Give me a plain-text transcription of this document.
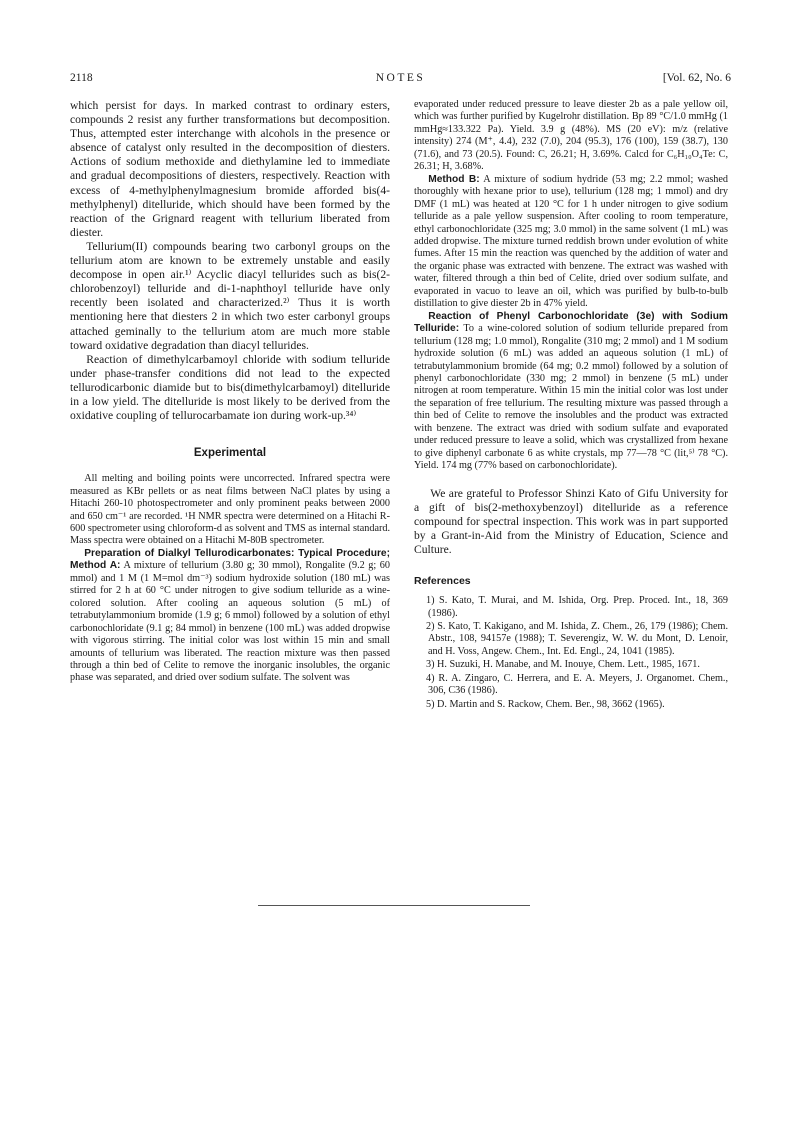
2118	NOTES	[Vol. 62, No. 6

which persist for days. In marked contrast to ordinary esters, compounds 2 resist any further transformations but decomposition. Thus, attempted ester interchange with alcohols in the presence or absence of catalyst only resulted in the decomposition of diesters. Actions of sodium methoxide and diethylamine led to immediate and gradual decompositions of diesters, respectively. Reaction with excess of 4-methylphenylmagnesium bromide afforded bis(4-methylphenyl) ditelluride, which should have been formed by the reaction of the Grignard reagent with tellurium liberated from diester.

Tellurium(II) compounds bearing two carbonyl groups on the tellurium atom are known to be extremely unstable and easily decompose in open air.¹⁾ Acyclic diacyl tellurides such as bis(2-chlorobenzoyl) telluride and di-1-naphthoyl telluride have only recently been isolated and characterized.²⁾ Thus it is worth mentioning here that diesters 2 in which two ester carbonyl groups attached geminally to the tellurium atom are much more stable toward oxidative degradation than diacyl tellurides.

Reaction of dimethylcarbamoyl chloride with sodium telluride under phase-transfer conditions did not lead to the expected tellurodicarbonic diamide but to bis(dimethylcarbamoyl) ditelluride in a low yield. The ditelluride is most likely to be derived from the oxidative coupling of tellurocarbamate ion during work-up.³⁴⁾

Experimental

All melting and boiling points were uncorrected. Infrared spectra were measured as KBr pellets or as neat films between NaCl plates by using a Hitachi 260-10 photospectrometer and only prominent peaks between 2000 and 650 cm⁻¹ are recorded. ¹H NMR spectra were determined on a Hitachi R-600 spectrometer using chloroform-d as solvent and TMS as internal standard. Mass spectra were obtained on a Hitachi M-80B spectrometer.

Preparation of Dialkyl Tellurodicarbonates: Typical Procedure; Method A: A mixture of tellurium (3.80 g; 30 mmol), Rongalite (9.2 g; 60 mmol) and 1 M (1 M=mol dm⁻³) sodium hydroxide solution (180 mL) was stirred for 2 h at 60 °C under nitrogen to give sodium telluride as a wine-colored solution. After cooling an aqueous solution (5 mL) of tetrabutylammonium bromide (1.9 g; 6 mmol) followed by a solution of ethyl carbonochloridate (9.1 g; 84 mmol) in benzene (100 mL) was added dropwise with vigorous stirring. The initial color was lost within 15 min and small amounts of tellurium was liberated. The reaction mixture was then passed through a thin bed of Celite to remove the inorganic insolubles, the organic phase was separated, and dried over sodium sulfate. The solvent was

evaporated under reduced pressure to leave diester 2b as a pale yellow oil, which was further purified by Kugelrohr distillation. Bp 89 °C/1.0 mmHg (1 mmHg≈133.322 Pa). Yield. 3.9 g (48%). MS (20 eV): m/z (relative intensity) 274 (M⁺, 4.4), 232 (7.0), 204 (95.3), 176 (100), 159 (38.7), 130 (71.6), and 73 (20.5). Found: C, 26.21; H, 3.69%. Calcd for C₆H₁₀O₄Te: C, 26.31; H, 3.68%.

Method B: A mixture of sodium hydride (53 mg; 2.2 mmol; washed thoroughly with hexane prior to use), tellurium (128 mg; 1 mmol) and dry DMF (1 mL) was heated at 120 °C for 1 h under nitrogen to give sodium telluride as a pale yellow suspension. After cooling to room temperature, ethyl carbonochloridate (325 mg; 3.0 mmol) in the same solvent (1 mL) was added dropwise. The mixture turned reddish brown under evolution of white fumes. After 15 min the reaction was quenched by the addition of water and the organic phase was extracted with benzene. The extract was washed with water, filtered through a thin bed of Celite, dried over sodium sulfate, and evaporated in vacuo to leave an oil, which was purified by bulb-to-bulb distillation to give diester 2b in 47% yield.

Reaction of Phenyl Carbonochloridate (3e) with Sodium Telluride: To a wine-colored solution of sodium telluride prepared from tellurium (128 mg; 1.0 mmol), Rongalite (310 mg; 2 mmol) and 1 M sodium hydroxide solution (6 mL) was added an aqueous solution (1 mL) of tetrabutylammonium bromide (64 mg; 0.2 mmol) followed by a solution of phenyl carbonochloridate (330 mg; 2 mmol) in benzene (5 mL) under nitrogen at room temperature. Within 15 min the initial color was lost under the separation of free tellurium. The resulting mixture was passed through a thin bed of Celite to remove the insolubles and the product was extracted with benzene. The extract was dried with sodium sulfate and evaporated under reduced pressure to leave a solid, which was crystallized from hexane to give diphenyl carbonate 6 as white crystals, mp 77—78 °C (lit,⁵⁾ 78 °C). Yield. 174 mg (77% based on carbonochloridate).

We are grateful to Professor Shinzi Kato of Gifu University for a gift of bis(2-methoxybenzoyl) ditelluride as a reference compound for spectral inspection. This work was in part supported by a Grant-in-Aid from the Ministry of Education, Science and Culture.

References

1) S. Kato, T. Murai, and M. Ishida, Org. Prep. Proced. Int., 18, 369 (1986).

2) S. Kato, T. Kakigano, and M. Ishida, Z. Chem., 26, 179 (1986); Chem. Abstr., 108, 94157e (1988); T. Severengiz, W. W. du Mont, D. Lenoir, and H. Voss, Angew. Chem., Int. Ed. Engl., 24, 1041 (1985).

3) H. Suzuki, H. Manabe, and M. Inouye, Chem. Lett., 1985, 1671.

4) R. A. Zingaro, C. Herrera, and E. A. Meyers, J. Organomet. Chem., 306, C36 (1986).

5) D. Martin and S. Rackow, Chem. Ber., 98, 3662 (1965).
